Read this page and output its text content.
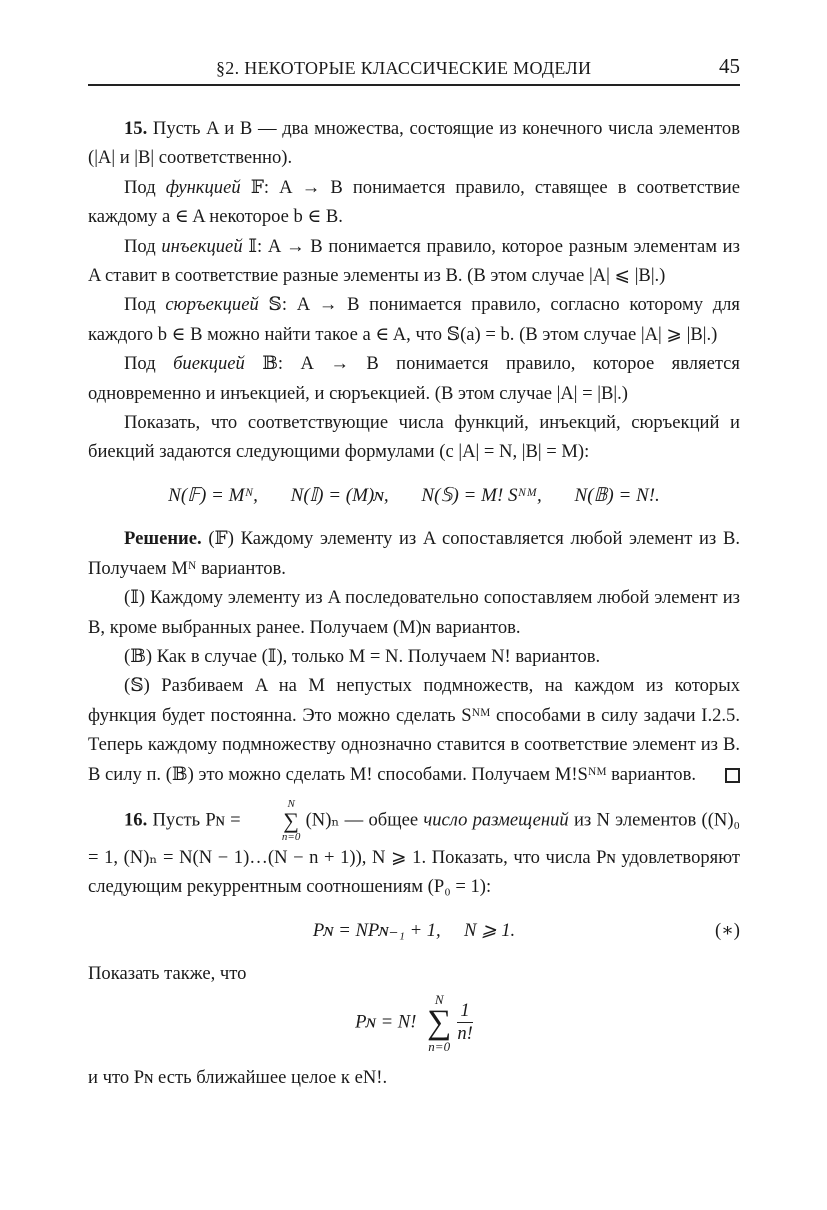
§2. НЕКОТОРЫЕ КЛАССИЧЕСКИЕ МОДЕЛИ	45

15. Пусть A и B — два множества, состоящие из конечного числа элементов (|A| и |B| соответственно).

Под функцией 𝔽: A → B понимается правило, ставящее в соответствие каждому a ∈ A некоторое b ∈ B.

Под инъекцией 𝕀: A → B понимается правило, которое разным элементам из A ставит в соответствие разные элементы из B. (В этом случае |A| ⩽ |B|.)

Под сюръекцией 𝕊: A → B понимается правило, согласно которому для каждого b ∈ B можно найти такое a ∈ A, что 𝕊(a) = b. (В этом случае |A| ⩾ |B|.)

Под биекцией 𝔹: A → B понимается правило, которое является одновременно и инъекцией, и сюръекцией. (В этом случае |A| = |B|.)

Показать, что соответствующие числа функций, инъекций, сюръекций и биекций задаются следующими формулами (с |A| = N, |B| = M):

N(𝔽) = Mᴺ, N(𝕀) = (M)ɴ, N(𝕊) = M! Sᴺᴹ, N(𝔹) = N!.

Решение. (𝔽) Каждому элементу из A сопоставляется любой элемент из B. Получаем Mᴺ вариантов.

(𝕀) Каждому элементу из A последовательно сопоставляем любой элемент из B, кроме выбранных ранее. Получаем (M)ɴ вариантов.

(𝔹) Как в случае (𝕀), только M = N. Получаем N! вариантов.

(𝕊) Разбиваем A на M непустых подмножеств, на каждом из которых функция будет постоянна. Это можно сделать Sᴺᴹ способами в силу задачи I.2.5. Теперь каждому подмножеству однозначно ставится в соответствие элемент из B. В силу п. (𝔹) это можно сделать M! способами. Получаем M!Sᴺᴹ вариантов.

16. Пусть Pɴ =
N
∑
n=0
(N)ₙ — общее число размещений из N элементов ((N)₀ = 1, (N)ₙ = N(N − 1)…(N − n + 1)), N ⩾ 1. Показать, что числа Pɴ удовлетворяют следующим рекуррентным соотношениям (P₀ = 1):

Pɴ = NPɴ₋₁ + 1,     N ⩾ 1.	(∗)

Показать также, что

Pɴ = N!
N
∑
n=0
$\frac{1}{n!}$

и что Pɴ есть ближайшее целое к eN!.
